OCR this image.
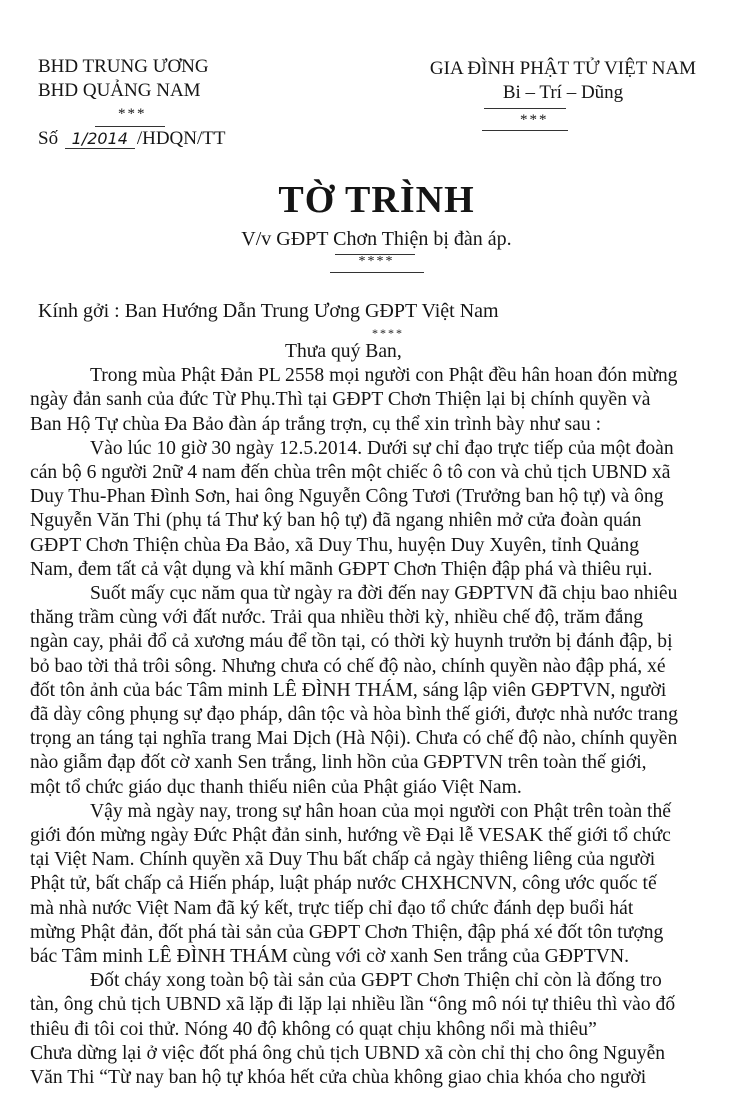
BHD TRUNG ƯƠNG
BHD QUẢNG NAM
***
Số 1/2014 /HDQN/TT
GIA ĐÌNH PHẬT TỬ VIỆT NAM
Bi – Trí – Dũng
***
TỜ TRÌNH
V/v GĐPT Chơn Thiện bị đàn áp.
****
Kính gởi : Ban Hướng Dẫn Trung Ương GĐPT Việt Nam
****

Thưa quý Ban,

Trong mùa Phật Đản PL 2558 mọi người con Phật đều hân hoan đón mừng
ngày đản sanh của đức Từ Phụ.Thì tại GĐPT Chơn Thiện lại bị chính quyền và
Ban Hộ Tự chùa Đa Bảo đàn áp trắng trợn, cụ thể xin trình bày như sau :

Vào lúc 10 giờ 30 ngày 12.5.2014. Dưới sự chỉ đạo trực tiếp của một đoàn
cán bộ 6 người 2nữ 4 nam đến chùa trên một chiếc ô tô con và chủ tịch UBND xã
Duy Thu-Phan Đình Sơn, hai ông Nguyễn Công Tươi (Trưởng ban hộ tự) và ông
Nguyễn Văn Thi (phụ tá Thư ký ban hộ tự) đã ngang nhiên mở cửa đoàn quán
GĐPT Chơn Thiện chùa Đa Bảo, xã Duy Thu, huyện Duy Xuyên, tỉnh Quảng
Nam, đem tất cả vật dụng và khí mãnh GĐPT Chơn Thiện đập phá và thiêu rụi.

Suốt mấy cục năm qua từ ngày ra đời đến nay GĐPTVN đã chịu bao nhiêu
thăng trầm cùng với đất nước. Trải qua nhiều thời kỳ, nhiều chế độ, trăm đắng
ngàn cay, phải đổ cả xương máu để tồn tại, có thời kỳ huynh trưởn bị đánh đập, bị
bỏ bao tời thả trôi sông. Nhưng chưa có chế độ nào, chính quyền nào đập phá, xé
đốt tôn ảnh của bác Tâm minh LÊ ĐÌNH THÁM, sáng lập viên GĐPTVN, người
đã dày công phụng sự đạo pháp, dân tộc và hòa bình thế giới, được nhà nước trang
trọng an táng tại nghĩa trang Mai Dịch (Hà Nội). Chưa có chế độ nào, chính quyền
nào giẫm đạp đốt cờ xanh Sen trắng, linh hồn của GĐPTVN trên toàn thế giới,
một tổ chức giáo dục thanh thiếu niên của Phật giáo Việt Nam.

Vậy mà ngày nay, trong sự hân hoan của mọi người con Phật trên toàn thế
giới đón mừng ngày Đức Phật đản sinh, hướng về Đại lễ VESAK thế giới tổ chức
tại Việt Nam. Chính quyền xã Duy Thu bất chấp cả ngày thiêng liêng của người
Phật tử, bất chấp cả Hiến pháp, luật pháp nước CHXHCNVN, công ước quốc tế
mà nhà nước Việt Nam đã ký kết, trực tiếp chỉ đạo tổ chức đánh dẹp buổi hát
mừng Phật đản, đốt phá tài sản của GĐPT Chơn Thiện, đập phá xé đốt tôn tượng
bác Tâm minh LÊ ĐÌNH THÁM cùng với cờ xanh Sen trắng của GĐPTVN.

Đốt cháy xong toàn bộ tài sản của GĐPT Chơn Thiện chỉ còn là đống tro
tàn, ông chủ tịch UBND xã lặp đi lặp lại nhiều lần “ông mô nói tự thiêu thì vào đố
thiêu đi tôi coi thử. Nóng 40 độ không có quạt chịu không nổi mà thiêu”
Chưa dừng lại ở việc đốt phá ông chủ tịch UBND xã còn chỉ thị cho ông Nguyễn
Văn Thi “Từ nay ban hộ tự khóa hết cửa chùa không giao chia khóa cho người
